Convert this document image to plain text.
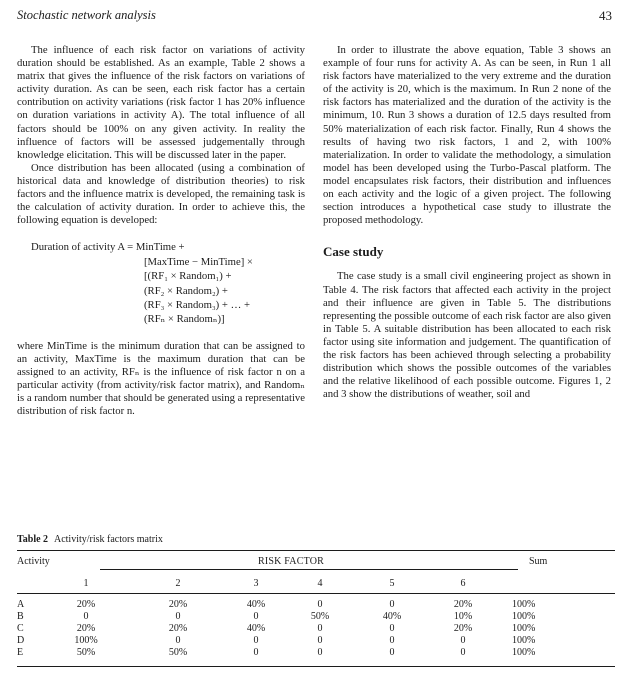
Stochastic network analysis	43

The influence of each risk factor on variations of activity duration should be established. As an example, Table 2 shows a matrix that gives the influence of the risk factors on variations of activity duration. As can be seen, each risk factor has a certain contribution on activity variations (risk factor 1 has 20% influence on duration variations in activity A). The total influence of all factors should be 100% on any given activity. In reality the influence of factors will be assessed judgementally through knowledge elicitation. This will be discussed later in the paper.

Once distribution has been allocated (using a combination of historical data and knowledge of distribution theories) to risk factors and the influence matrix is developed, the remaining task is the calculation of activity duration. In order to achieve this, the following equation is developed:

Duration of activity A = MinTime +
[MaxTime − MinTime] ×
[(RF₁ × Random₁) +
(RF₂ × Random₂) +
(RF₃ × Random₃) + … +
(RFₙ × Randomₙ)]

where MinTime is the minimum duration that can be assigned to an activity, MaxTime is the maximum duration that can be assigned to an activity, RFₙ is the influence of risk factor n on a particular activity (from activity/risk factor matrix), and Randomₙ is a random number that should be generated using a representative distribution of risk factor n.

In order to illustrate the above equation, Table 3 shows an example of four runs for activity A. As can be seen, in Run 1 all risk factors have materialized to the very extreme and the duration of the activity is 20, which is the maximum. In Run 2 none of the risk factors has materialized and the duration of the activity is the minimum, 10. Run 3 shows a duration of 12.5 days resulted from 50% materialization of each risk factor. Finally, Run 4 shows the results of having two risk factors, 1 and 2, with 100% materialization. In order to validate the methodology, a simulation model has been developed using the Turbo-Pascal platform. The model encapsulates risk factors, their distribution and influences on each activity and the logic of a given project. The following section introduces a hypothetical case study to illustrate the proposed methodology.

Case study

The case study is a small civil engineering project as shown in Table 4. The risk factors that affected each activity in the project and their influence are given in Table 5. The distributions representing the possible outcome of each risk factor are also given in Table 5. A suitable distribution has been allocated to each risk factor using site information and judgement. The quantification of the risk factors has been achieved through selecting a probability distribution which shows the possible outcomes of the variables and the relative likelihood of each possible outcome. Figures 1, 2 and 3 show the distributions of weather, soil and

Table 2 Activity/risk factors matrix
Activity	RISK FACTOR	Sum
1	2	3	4	5	6
A	20%	20%	40%	0	0	20%	100%
B	0	0	0	50%	40%	10%	100%
C	20%	20%	40%	0	0	20%	100%
D	100%	0	0	0	0	0	100%
E	50%	50%	0	0	0	0	100%
